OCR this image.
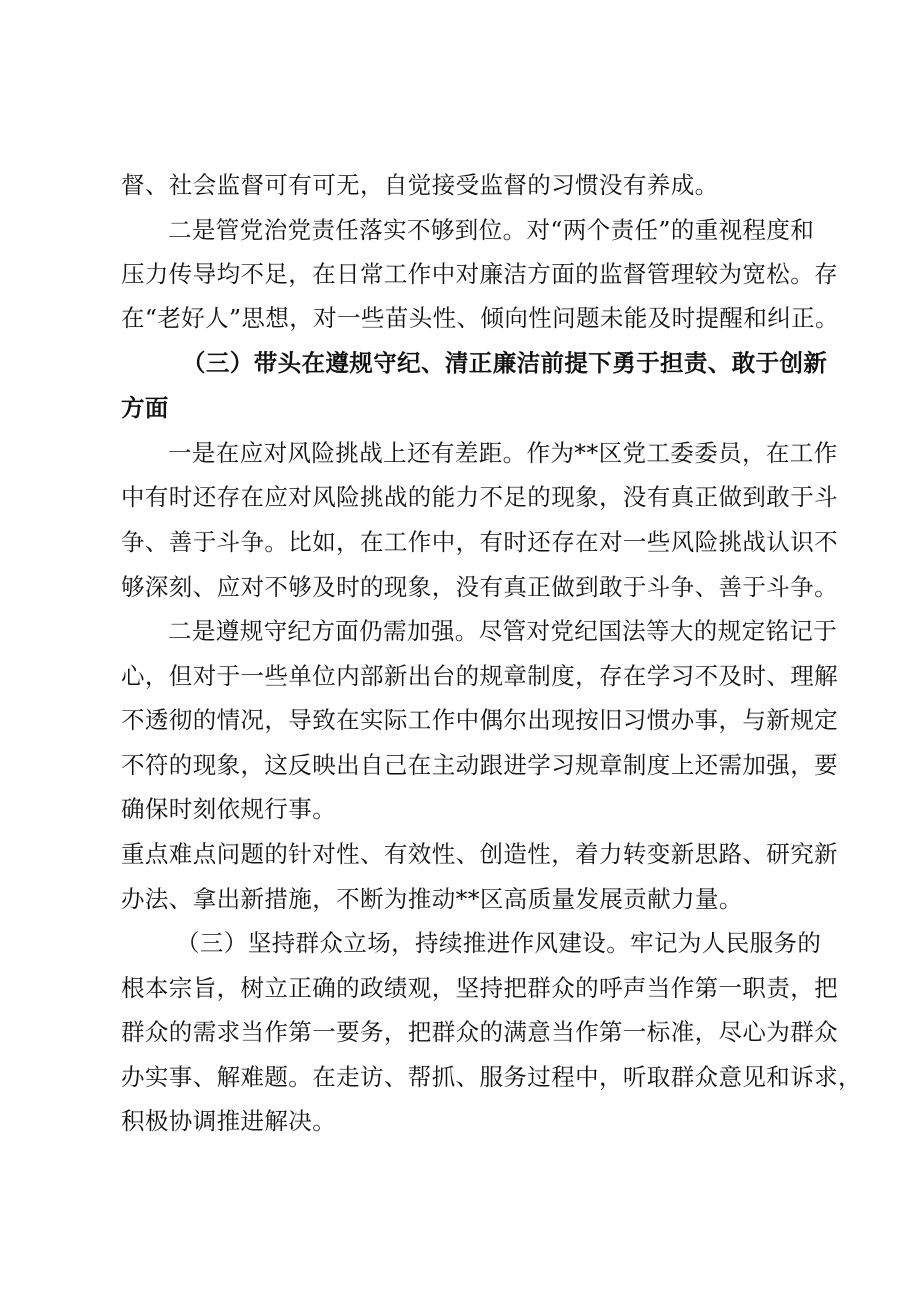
督、社会监督可有可无，自觉接受监督的习惯没有养成。
二是管党治党责任落实不够到位。对“两个责任”的重视程度和
压力传导均不足，在日常工作中对廉洁方面的监督管理较为宽松。存
在“老好人”思想，对一些苗头性、倾向性问题未能及时提醒和纠正。
（三）带头在遵规守纪、清正廉洁前提下勇于担责、敢于创新
方面
一是在应对风险挑战上还有差距。作为**区党工委委员，在工作
中有时还存在应对风险挑战的能力不足的现象，没有真正做到敢于斗
争、善于斗争。比如，在工作中，有时还存在对一些风险挑战认识不
够深刻、应对不够及时的现象，没有真正做到敢于斗争、善于斗争。
二是遵规守纪方面仍需加强。尽管对党纪国法等大的规定铭记于
心，但对于一些单位内部新出台的规章制度，存在学习不及时、理解
不透彻的情况，导致在实际工作中偶尔出现按旧习惯办事，与新规定
不符的现象，这反映出自己在主动跟进学习规章制度上还需加强，要
确保时刻依规行事。
重点难点问题的针对性、有效性、创造性，着力转变新思路、研究新
办法、拿出新措施，不断为推动**区高质量发展贡献力量。
（三）坚持群众立场，持续推进作风建设。牢记为人民服务的
根本宗旨，树立正确的政绩观，坚持把群众的呼声当作第一职责，把
群众的需求当作第一要务，把群众的满意当作第一标准，尽心为群众
办实事、解难题。在走访、帮抓、服务过程中，听取群众意见和诉求，
积极协调推进解决。
